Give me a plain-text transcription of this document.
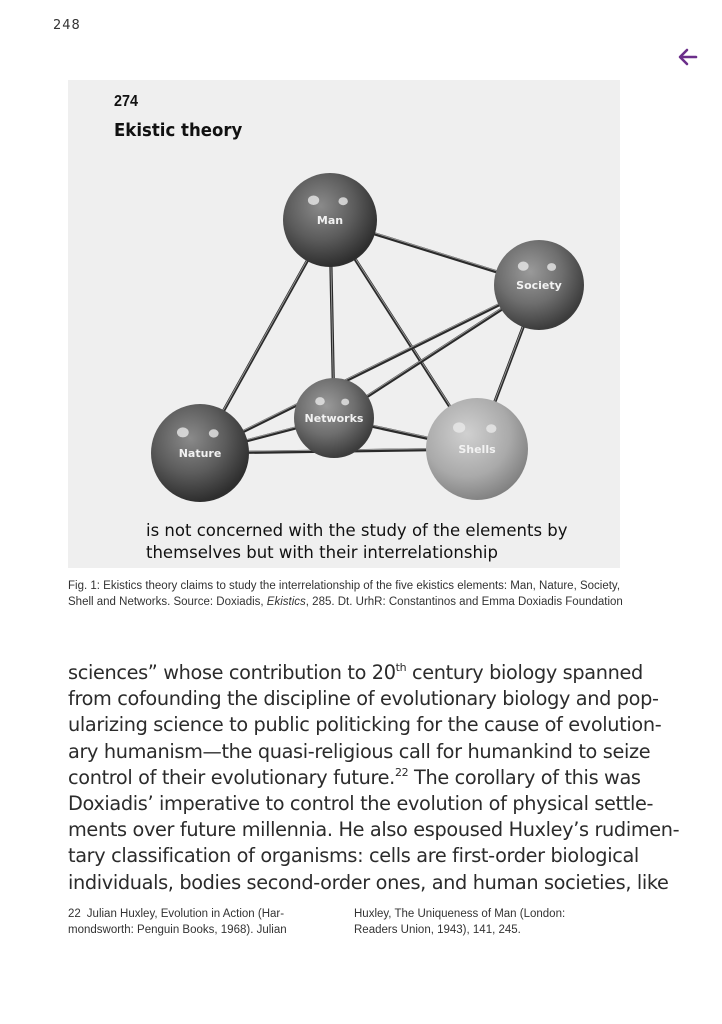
248
274
Ekistic theory
Networks
Man
Society
Nature	Shells
is not concerned with the study of the elements by
themselves but with their interrelationship
Fig. 1: Ekistics theory claims to study the interrelationship of the five ekistics elements: Man, Nature, Society, Shell and Networks. Source: Doxiadis, Ekistics, 285. Dt. UrhR: Constantinos and Emma Doxiadis Foundation
sciences” whose contribution to 20th century biology spanned
from cofounding the discipline of evolutionary biology and pop-
ularizing science to public politicking for the cause of evolution-
ary humanism—the quasi-religious call for humankind to seize
control of their evolutionary future.$^{22}$ The corollary of this was
Doxiadis’ imperative to control the evolution of physical settle-
ments over future millennia. He also espoused Huxley’s rudimen-
tary classification of organisms: cells are first-order biological
individuals, bodies second-order ones, and human societies, like
22 Julian Huxley, Evolution in Action (Har-
mondsworth: Penguin Books, 1968). Julian
Huxley, The Uniqueness of Man (London:
Readers Union, 1943), 141, 245.
